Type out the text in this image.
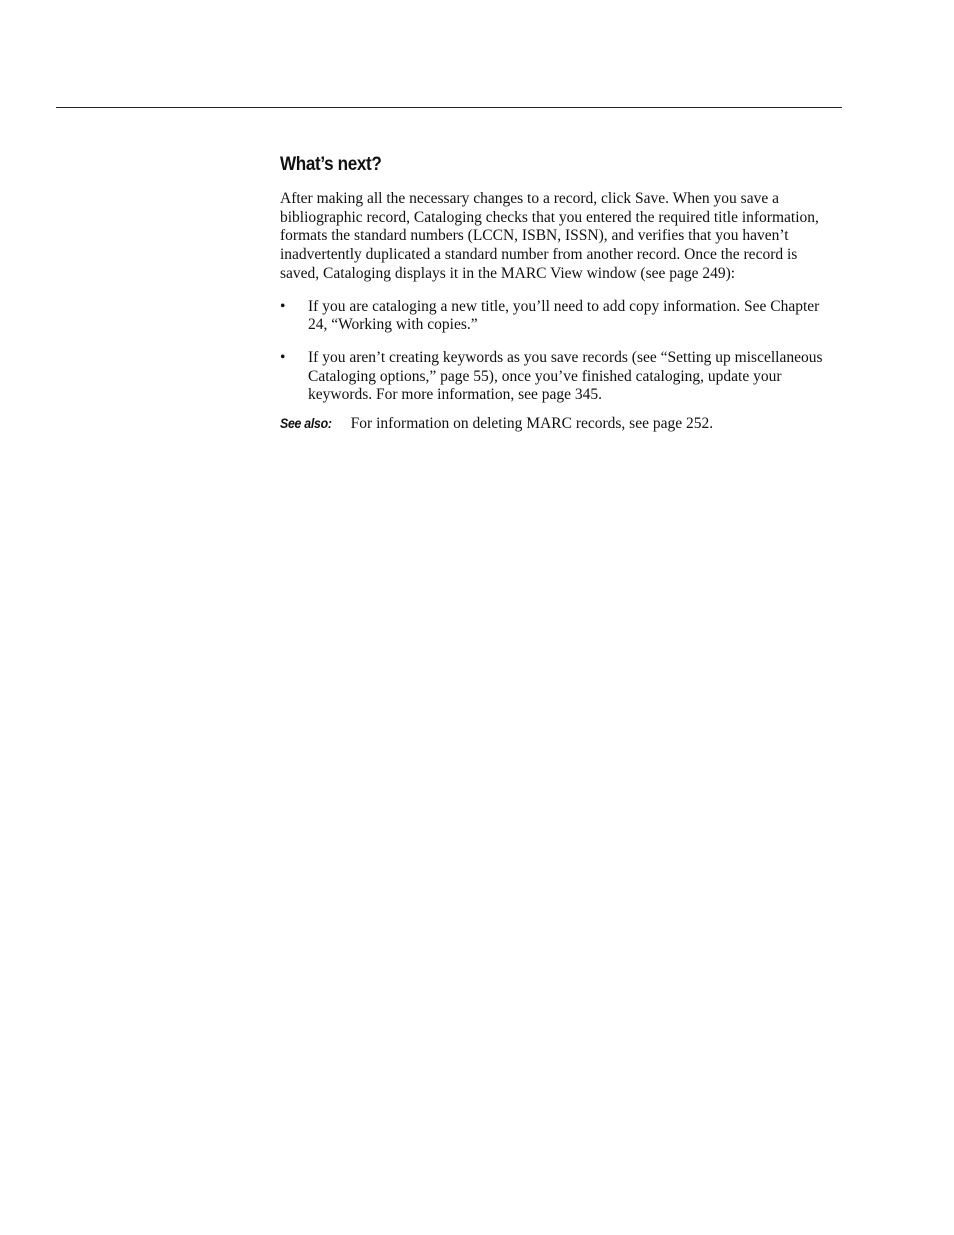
What’s next?

After making all the necessary changes to a record, click Save. When you save a bibliographic record, Cataloging checks that you entered the required title information, formats the standard numbers (LCCN, ISBN, ISSN), and verifies that you haven’t inadvertently duplicated a standard number from another record. Once the record is saved, Cataloging displays it in the MARC View window (see page 249):

• If you are cataloging a new title, you’ll need to add copy information. See Chapter 24, “Working with copies.”
• If you aren’t creating keywords as you save records (see “Setting up miscellaneous Cataloging options,” page 55), once you’ve finished cataloging, update your keywords. For more information, see page 345.
See also: For information on deleting MARC records, see page 252.
